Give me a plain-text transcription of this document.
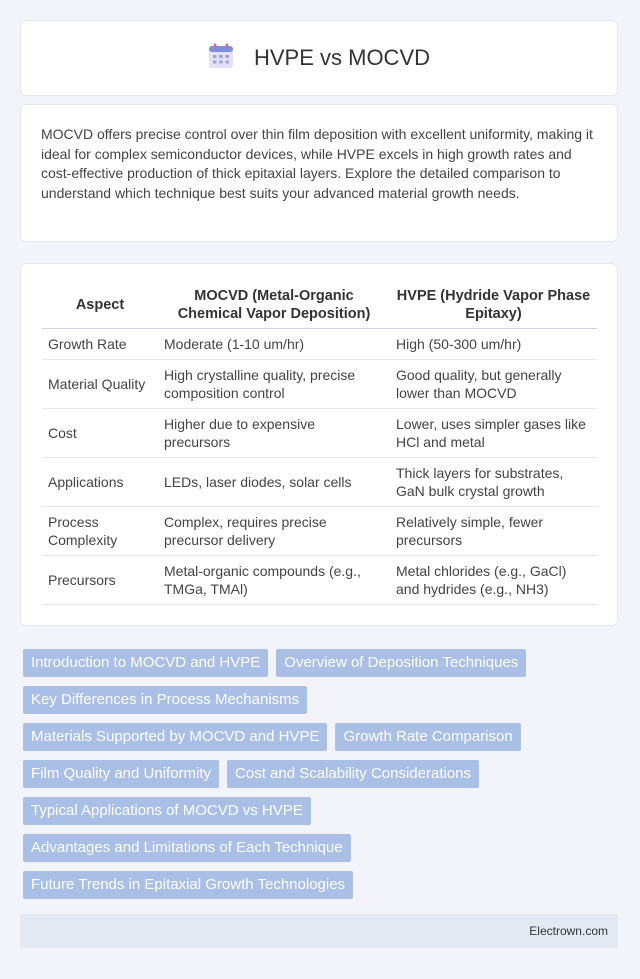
HVPE vs MOCVD

MOCVD offers precise control over thin film deposition with excellent uniformity, making it ideal for complex semiconductor devices, while HVPE excels in high growth rates and cost-effective production of thick epitaxial layers. Explore the detailed comparison to understand which technique best suits your advanced material growth needs.

Aspect	MOCVD (Metal-Organic Chemical Vapor Deposition)	HVPE (Hydride Vapor Phase Epitaxy)
Growth Rate	Moderate (1-10 um/hr)	High (50-300 um/hr)
Material Quality	High crystalline quality, precise composition control	Good quality, but generally lower than MOCVD
Cost	Higher due to expensive precursors	Lower, uses simpler gases like HCl and metal
Applications	LEDs, laser diodes, solar cells	Thick layers for substrates, GaN bulk crystal growth
Process Complexity	Complex, requires precise precursor delivery	Relatively simple, fewer precursors
Precursors	Metal-organic compounds (e.g., TMGa, TMAl)	Metal chlorides (e.g., GaCl) and hydrides (e.g., NH3)
Introduction to MOCVD and HVPE	Overview of Deposition Techniques
Key Differences in Process Mechanisms
Materials Supported by MOCVD and HVPE	Growth Rate Comparison
Film Quality and Uniformity	Cost and Scalability Considerations
Typical Applications of MOCVD vs HVPE
Advantages and Limitations of Each Technique
Future Trends in Epitaxial Growth Technologies
Electrown.com
